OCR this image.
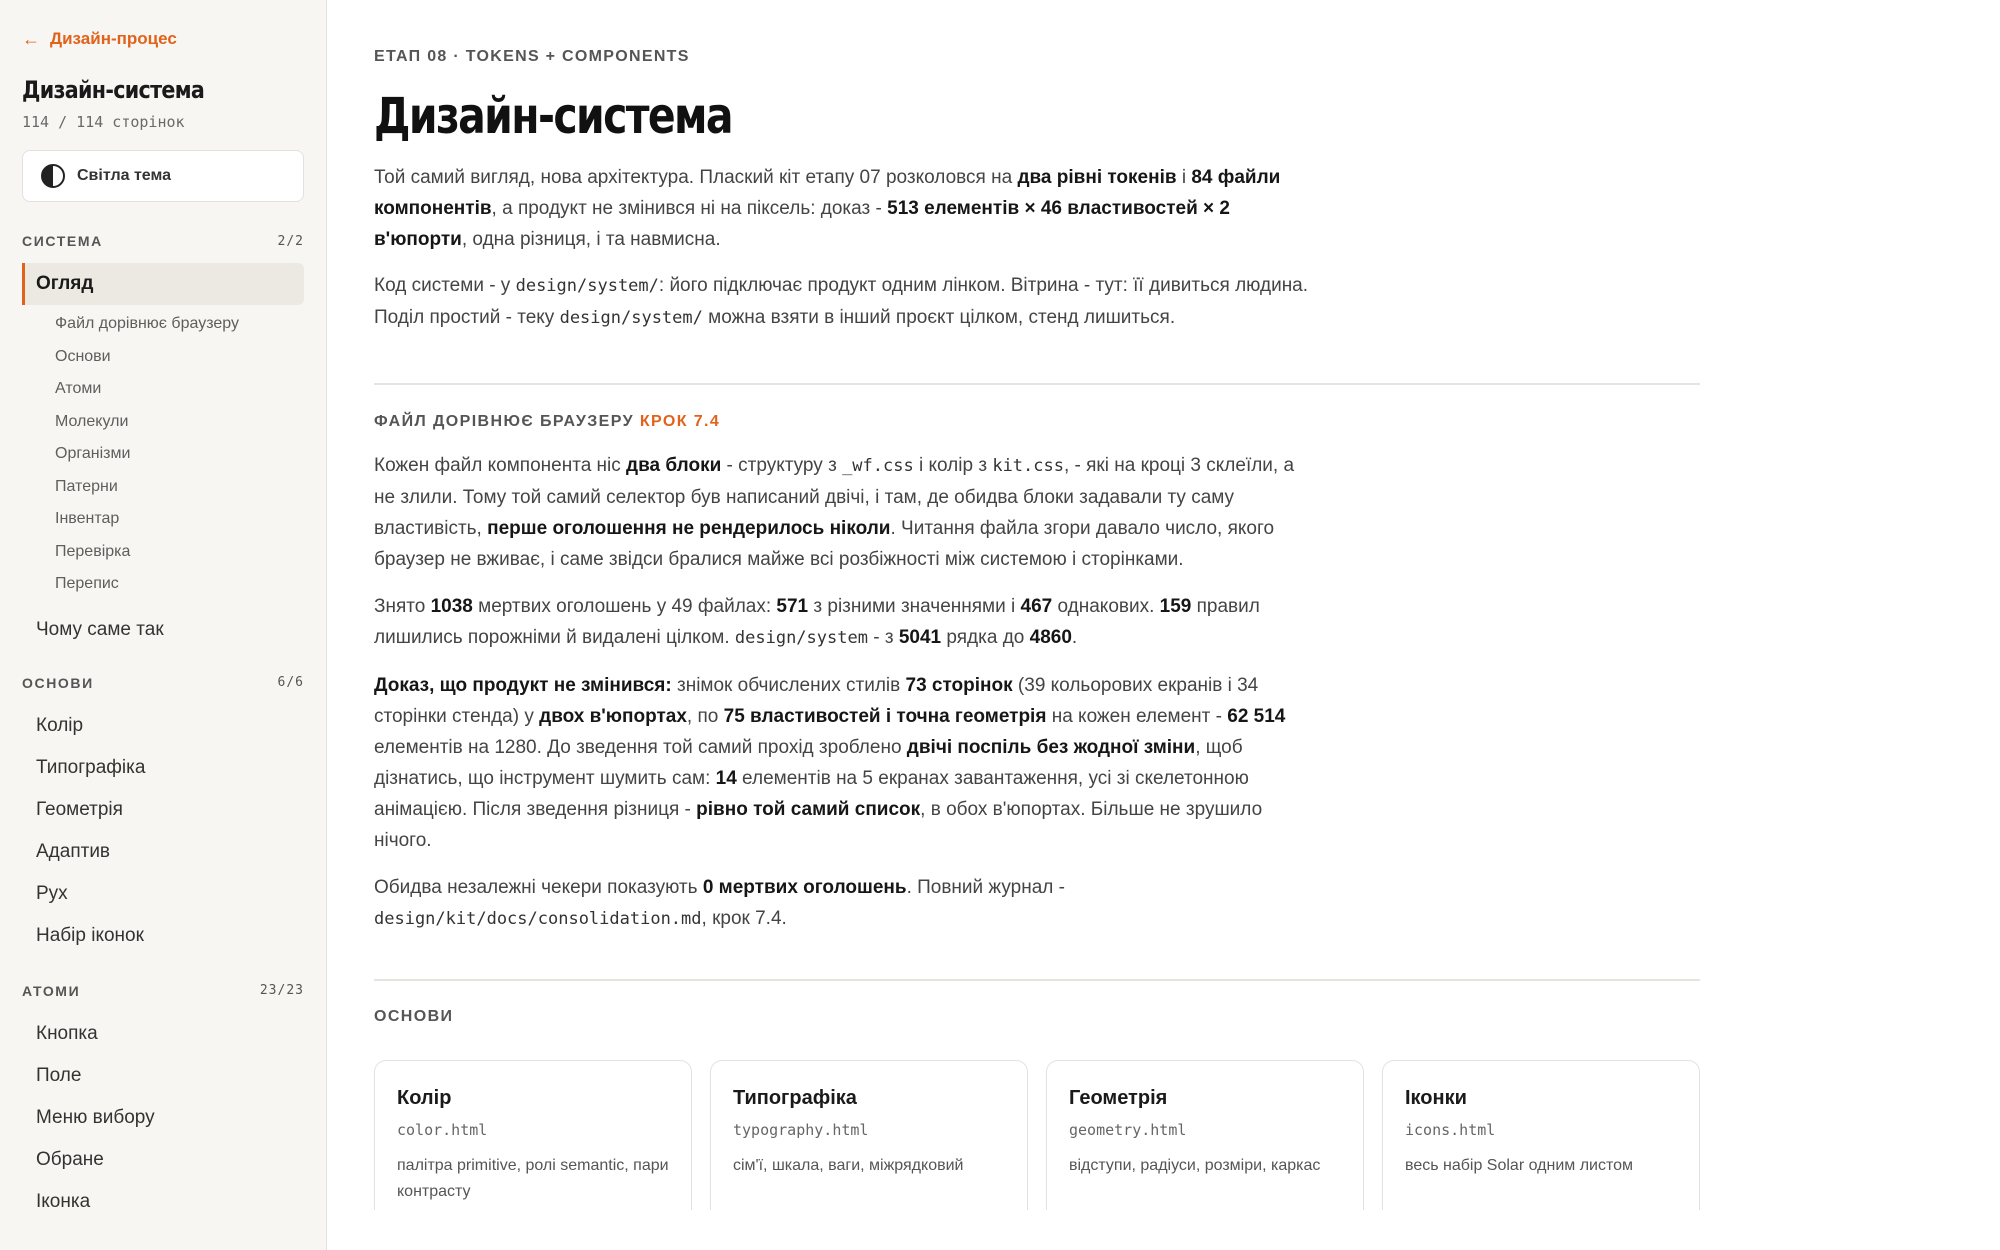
← Дизайн-процес
Дизайн-система
114 / 114 сторінок
Світла тема
СИСТЕМА	2/2
Огляд
Файл дорівнює браузеру
Основи
Атоми
Молекули
Організми
Патерни
Інвентар
Перевірка
Перепис
Чому саме так
ОСНОВИ	6/6
Колір
Типографіка
Геометрія
Адаптив
Рух
Набір іконок
АТОМИ	23/23
Кнопка
Поле
Меню вибору
Обране
Іконка
ЕТАП 08 · TOKENS + COMPONENTS
Дизайн-система

Той самий вигляд, нова архітектура. Плаский кіт етапу 07 розколовся на два рівні токенів і 84 файли компонентів, а продукт не змінився ні на піксель: доказ - 513 елементів × 46 властивостей × 2 в'юпорти, одна різниця, і та навмисна.

Код системи - у design/system/: його підключає продукт одним лінком. Вітрина - тут: її дивиться людина. Поділ простий - теку design/system/ можна взяти в інший проєкт цілком, стенд лишиться.

ФАЙЛ ДОРІВНЮЄ БРАУЗЕРУ КРОК 7.4

Кожен файл компонента ніс два блоки - структуру з _wf.css і колір з kit.css, - які на кроці 3 склеїли, а не злили. Тому той самий селектор був написаний двічі, і там, де обидва блоки задавали ту саму властивість, перше оголошення не рендерилось ніколи. Читання файла згори давало число, якого браузер не вживає, і саме звідси бралися майже всі розбіжності між системою і сторінками.

Знято 1038 мертвих оголошень у 49 файлах: 571 з різними значеннями і 467 однакових. 159 правил лишились порожніми й видалені цілком. design/system - з 5041 рядка до 4860.

Доказ, що продукт не змінився: знімок обчислених стилів 73 сторінок (39 кольорових екранів і 34 сторінки стенда) у двох в'юпортах, по 75 властивостей і точна геометрія на кожен елемент - 62 514 елементів на 1280. До зведення той самий прохід зроблено двічі поспіль без жодної зміни, щоб дізнатись, що інструмент шумить сам: 14 елементів на 5 екранах завантаження, усі зі скелетонною анімацією. Після зведення різниця - рівно той самий список, в обох в'юпортах. Більше не зрушило нічого.

Обидва незалежні чекери показують 0 мертвих оголошень. Повний журнал - design/kit/docs/consolidation.md, крок 7.4.

ОСНОВИ
Колір
color.html
палітра primitive, ролі semantic, пари контрасту
Типографіка
typography.html
сім'ї, шкала, ваги, міжрядковий
Геометрія
geometry.html
відступи, радіуси, розміри, каркас
Іконки
icons.html
весь набір Solar одним листом
